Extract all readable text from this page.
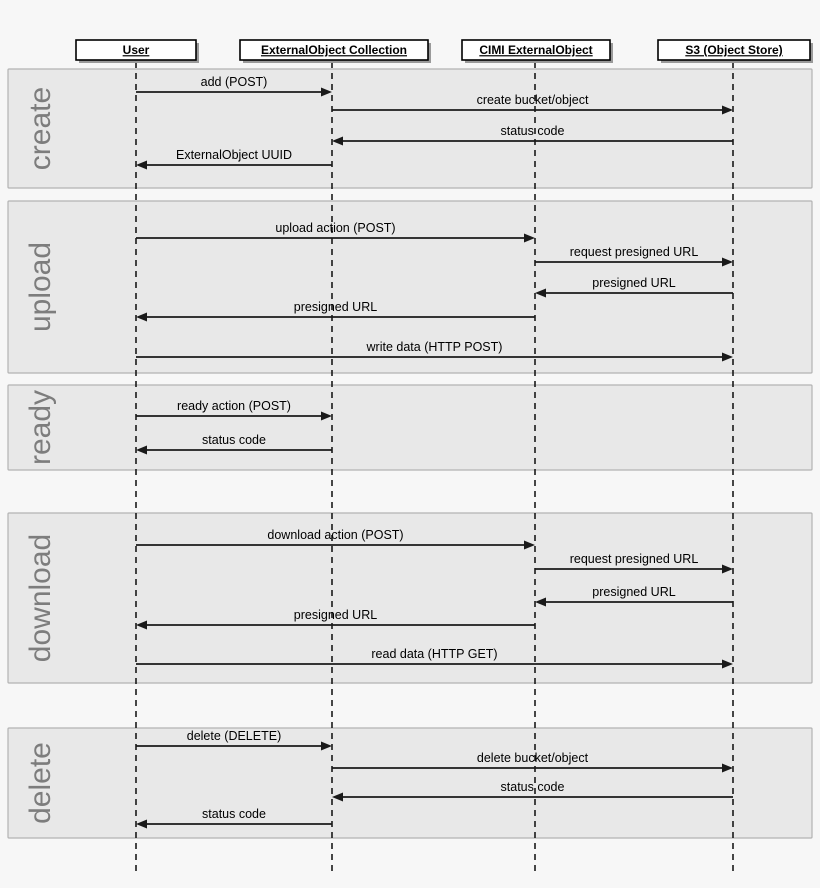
create
upload
ready
download
delete
add (POST)
create bucket/object
status code
ExternalObject UUID
upload action (POST)
request presigned URL
presigned URL
presigned URL
write data (HTTP POST)
ready action (POST)
status code
download action (POST)
request presigned URL
presigned URL
presigned URL
read data (HTTP GET)
delete (DELETE)
delete bucket/object
status code
status code
User	ExternalObject Collection	CIMI ExternalObject	S3 (Object Store)
